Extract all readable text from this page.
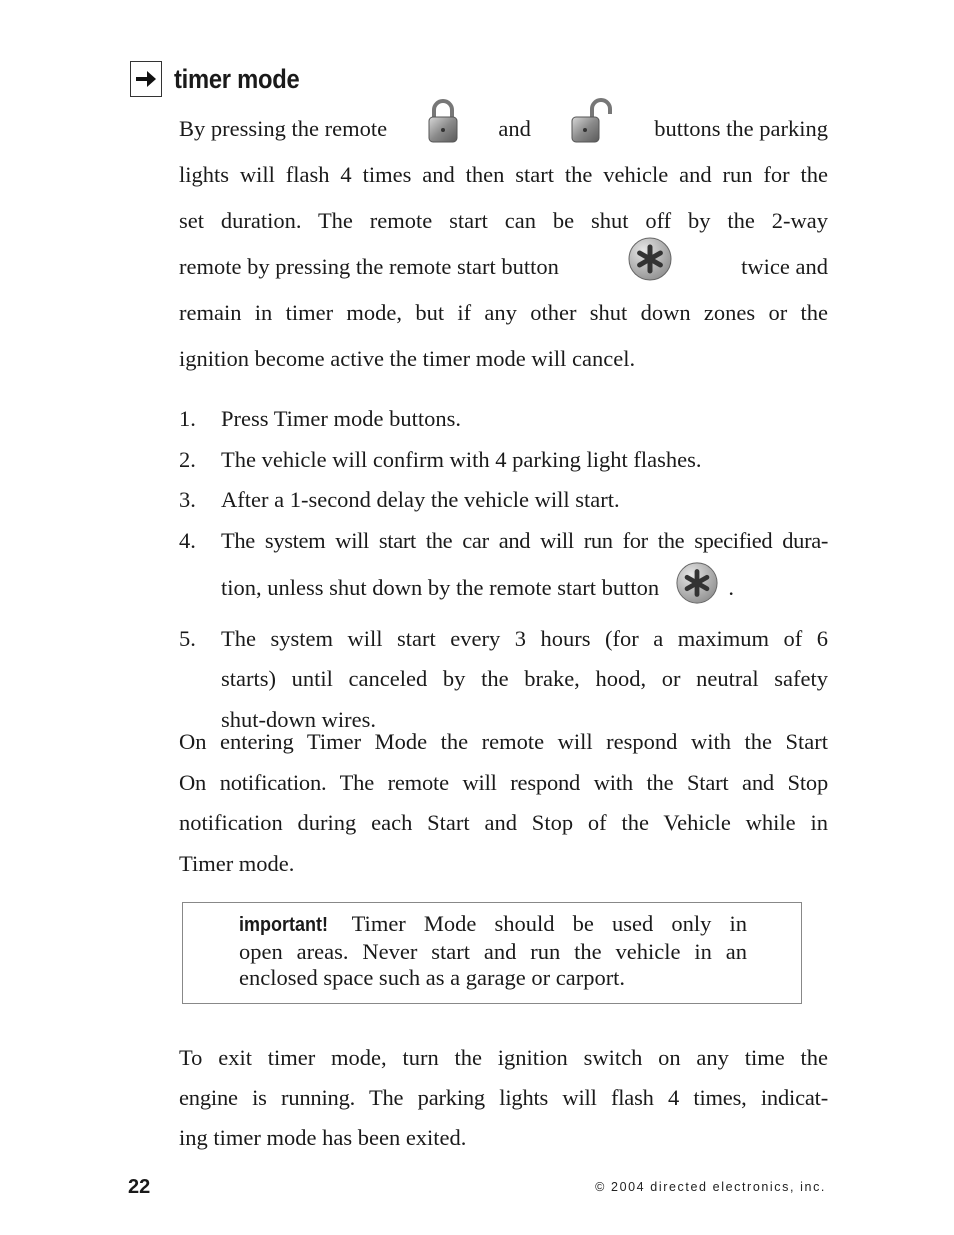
timer mode
By pressing the remote	and	buttons the parking
lights will flash 4 times and then start the vehicle and run for the
set duration. The remote start can be shut off by the 2-way
remote by pressing the remote start button	twice and
remain in timer mode, but if any other shut down zones or the
ignition become active the timer mode will cancel.
1.	Press Timer mode buttons.
2.	The vehicle will confirm with 4 parking light flashes.
3.	After a 1-second delay the vehicle will start.
4.	The system will start the car and will run for the specified dura-
tion, unless shut down by the remote start button	.
5.	The system will start every 3 hours (for a maximum of 6
starts) until canceled by the brake, hood, or neutral safety
shut-down wires.
On entering Timer Mode the remote will respond with the Start
On notification. The remote will respond with the Start and Stop
notification during each Start and Stop of the Vehicle while in
Timer mode.
important! Timer Mode should be used only in
open areas. Never start and run the vehicle in an
enclosed space such as a garage or carport.
To exit timer mode, turn the ignition switch on any time the
engine is running. The parking lights will flash 4 times, indicat-
ing timer mode has been exited.
22	© 2004 directed electronics, inc.
